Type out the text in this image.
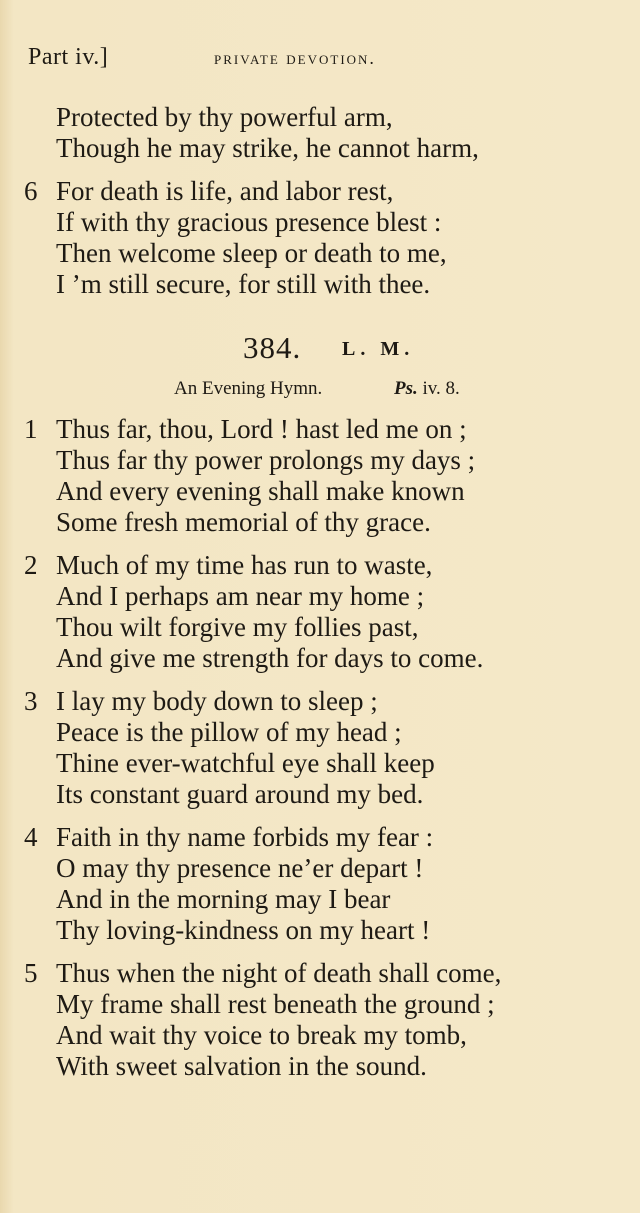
Part iv.]	private devotion.
Protected by thy powerful arm,
Though he may strike, he cannot harm,
6 For death is life, and labor rest,
If with thy gracious presence blest :
Then welcome sleep or death to me,
I ’m still secure, for still with thee.
384. L. M.
An Evening Hymn.	Ps. iv. 8.
1 Thus far, thou, Lord ! hast led me on ;
Thus far thy power prolongs my days ;
And every evening shall make known
Some fresh memorial of thy grace.
2 Much of my time has run to waste,
And I perhaps am near my home ;
Thou wilt forgive my follies past,
And give me strength for days to come.
3 I lay my body down to sleep ;
Peace is the pillow of my head ;
Thine ever-watchful eye shall keep
Its constant guard around my bed.
4 Faith in thy name forbids my fear :
O may thy presence ne’er depart !
And in the morning may I bear
Thy loving-kindness on my heart !
5 Thus when the night of death shall come,
My frame shall rest beneath the ground ;
And wait thy voice to break my tomb,
With sweet salvation in the sound.
